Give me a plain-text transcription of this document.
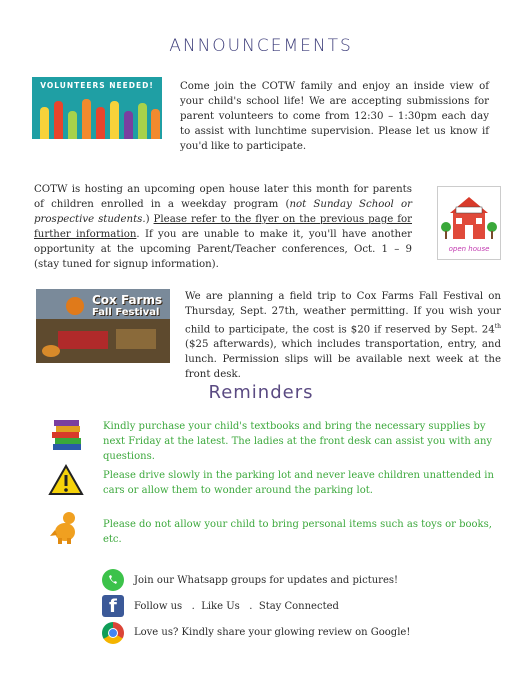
ANNOUNCEMENTS
VOLUNTEERS NEEDED!	Come join the COTW family and enjoy an inside view of your child's school life! We are accepting submissions for parent volunteers to come from 12:30 – 1:30pm each day to assist with lunchtime supervision. Please let us know if you'd like to participate.
COTW is hosting an upcoming open house later this month for parents of children enrolled in a weekday program (not Sunday School or prospective students.) Please refer to the flyer on the previous page for further information. If you are unable to make it, you'll have another opportunity at the upcoming Parent/Teacher conferences, Oct. 1 – 9 (stay tuned for signup information).
open house
Cox Farms
Fall Festival
We are planning a field trip to Cox Farms Fall Festival on Thursday, Sept. 27th, weather permitting. If you wish your child to participate, the cost is $20 if reserved by Sept. 24th ($25 afterwards), which includes transportation, entry, and lunch. Permission slips will be available next week at the front desk.
Reminders
Kindly purchase your child's textbooks and bring the necessary supplies by next Friday at the latest. The ladies at the front desk can assist you with any questions.
Please drive slowly in the parking lot and never leave children unattended in cars or allow them to wonder around the parking lot.
Please do not allow your child to bring personal items such as toys or books, etc.
Join our Whatsapp groups for updates and pictures!
f Follow us   .  Like Us   .  Stay Connected
Love us? Kindly share your glowing review on Google!
